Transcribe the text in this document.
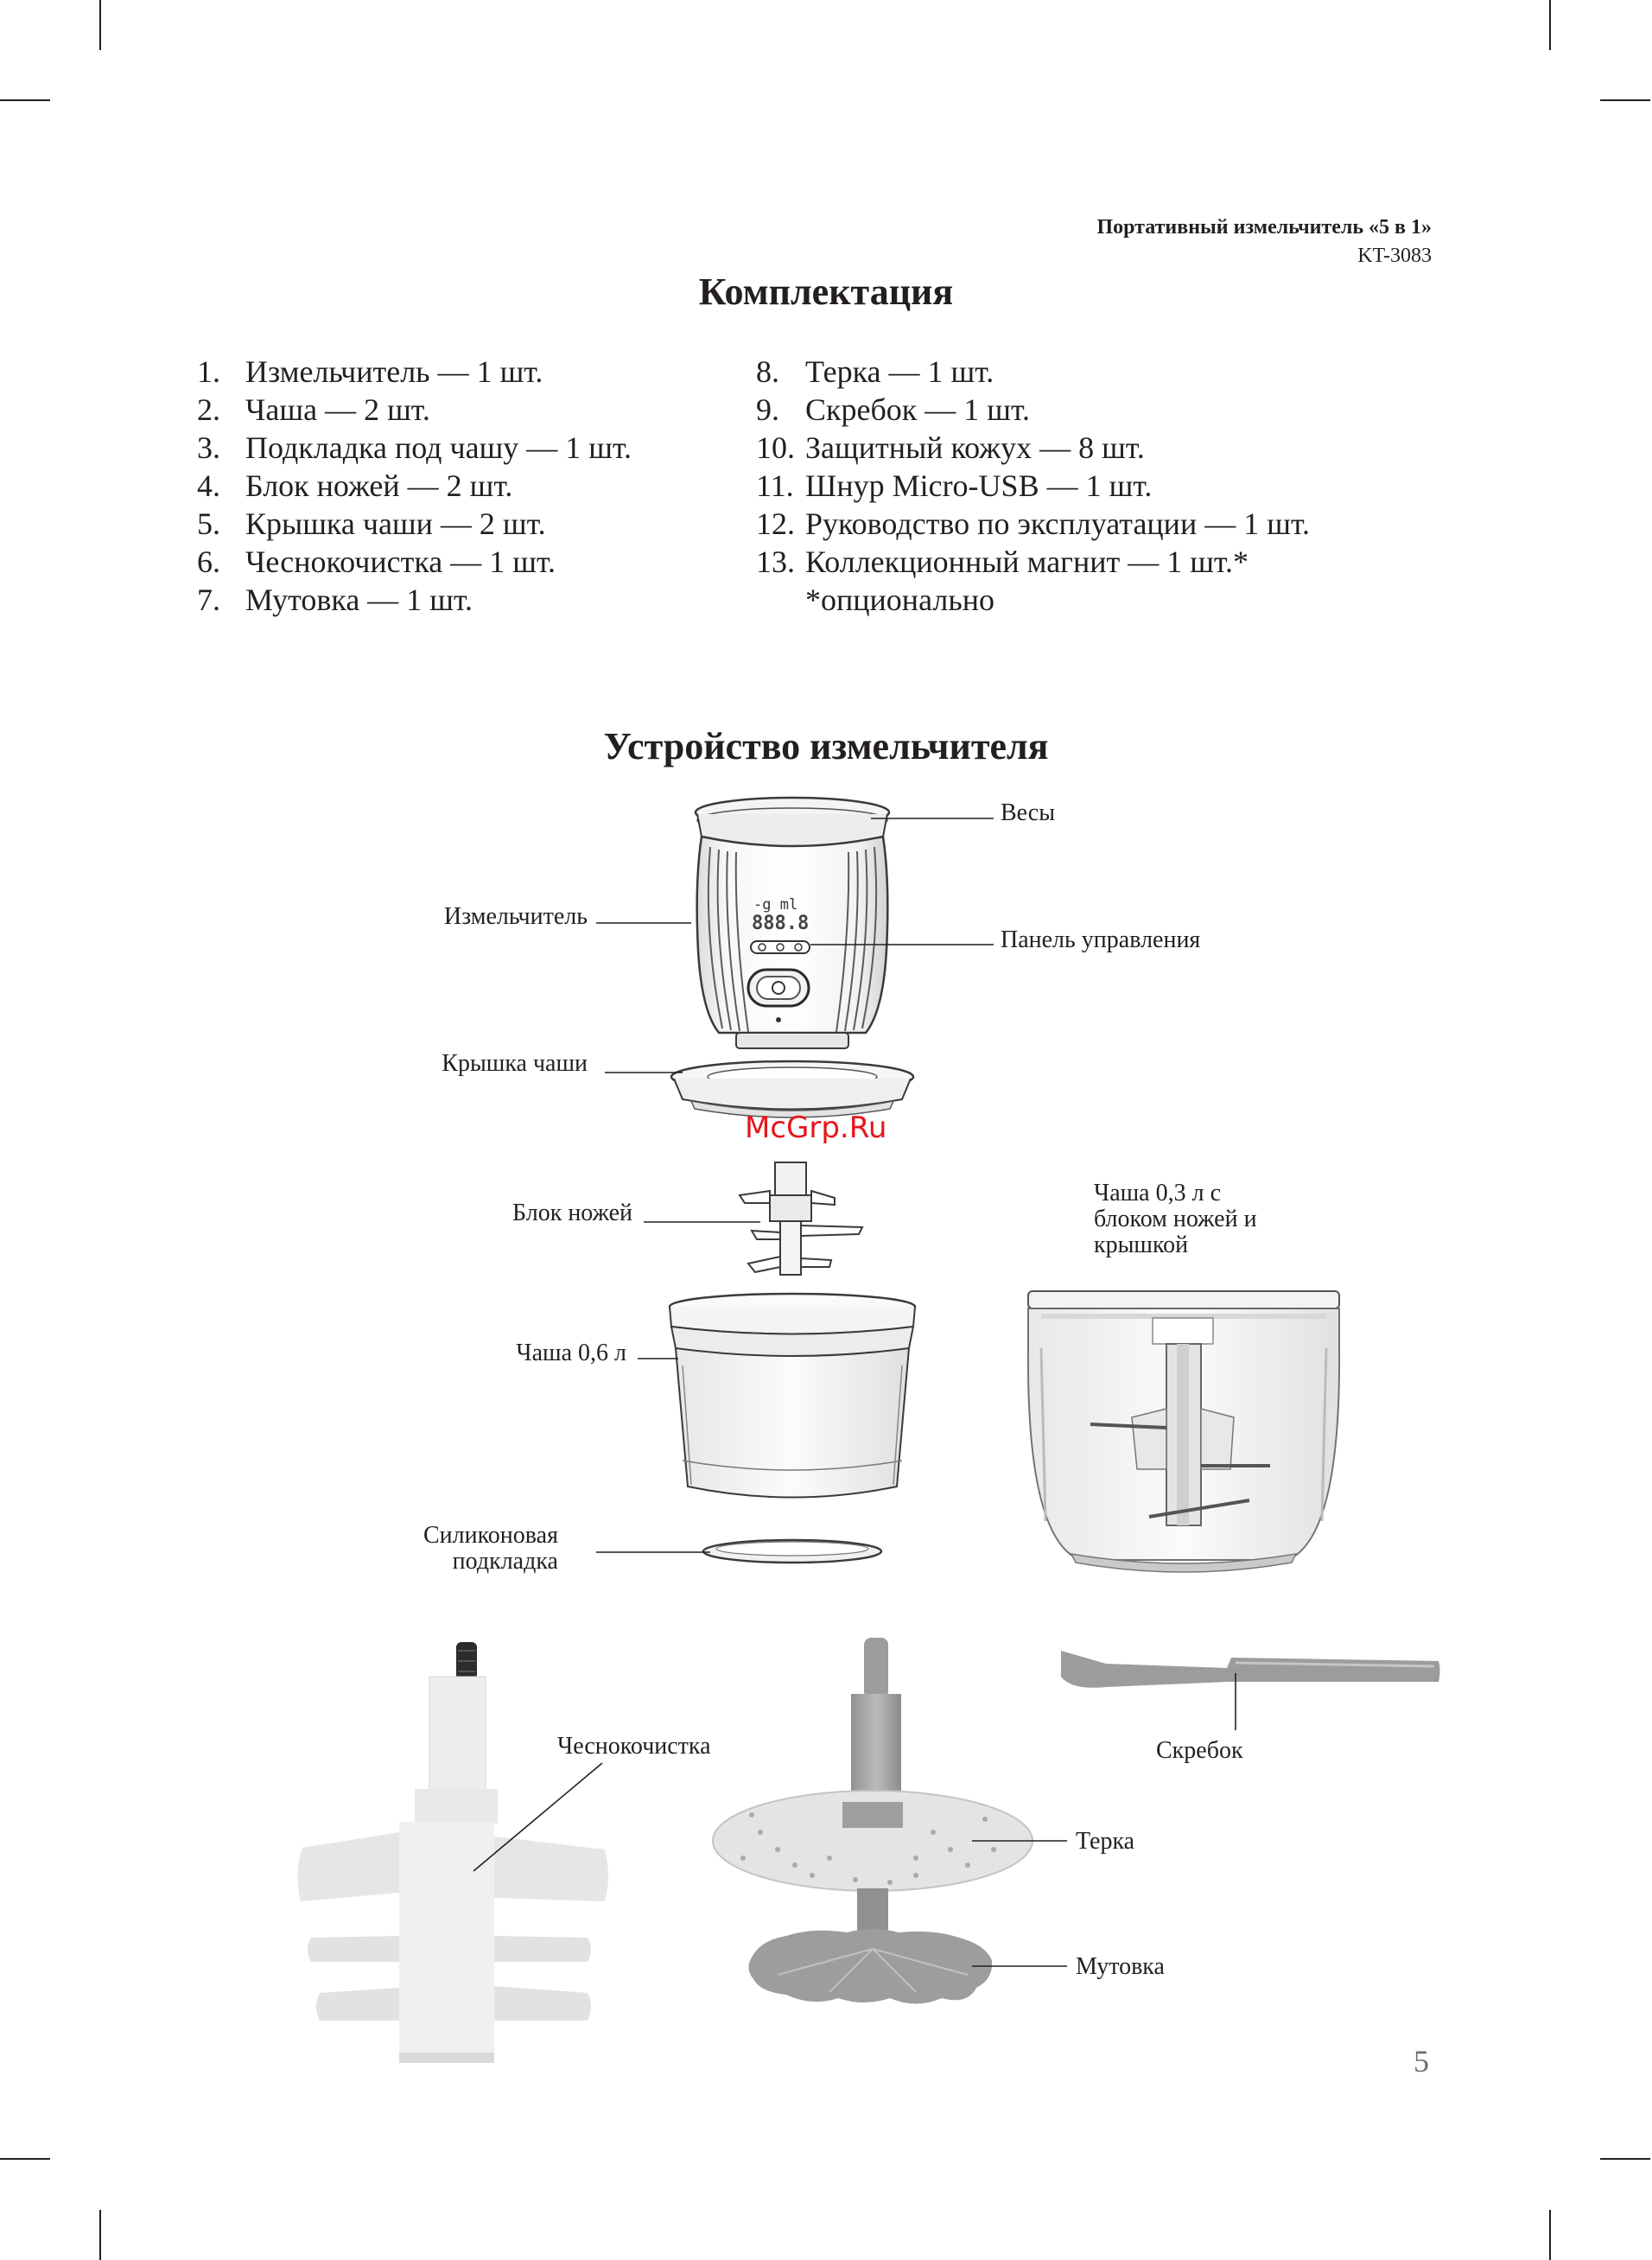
Портативный измельчитель «5 в 1»
KT-3083
Комплектация
1. Измельчитель — 1 шт.
2. Чаша — 2 шт.
3. Подкладка под чашу — 1 шт.
4. Блок ножей — 2 шт.
5. Крышка чаши — 2 шт.
6. Чеснокочистка — 1 шт.
7. Мутовка — 1 шт.
8. Терка — 1 шт.
9. Скребок — 1 шт.
10. Защитный кожух — 8 шт.
11. Шнур Micro-USB — 1 шт.
12. Руководство по эксплуатации — 1 шт.
13. Коллекционный магнит — 1 шт.*
*опционально
Устройство измельчителя
-g ml
888.8
Весы
Измельчитель
Панель управления
Крышка чаши
Блок ножей
Чаша 0,3 л с
блоком ножей и
крышкой
Чаша 0,6 л
Силиконовая
подкладка
Чеснокочистка	Скребок
Терка
Мутовка
McGrp.Ru
5
